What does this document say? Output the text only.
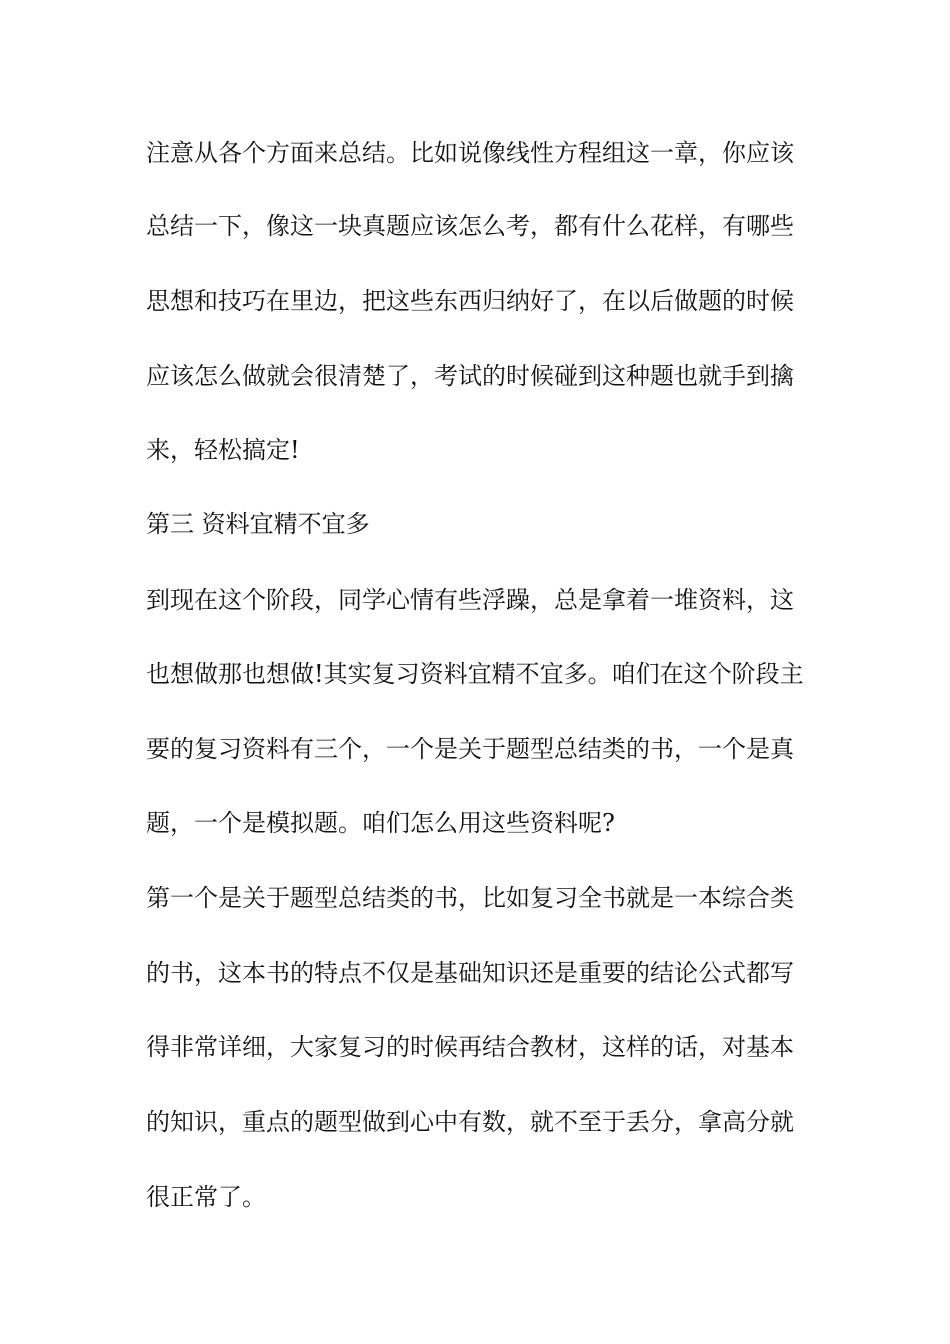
注意从各个方面来总结。比如说像线性方程组这一章，你应该
总结一下，像这一块真题应该怎么考，都有什么花样，有哪些
思想和技巧在里边，把这些东西归纳好了，在以后做题的时候
应该怎么做就会很清楚了，考试的时候碰到这种题也就手到擒
来，轻松搞定!
第三 资料宜精不宜多
到现在这个阶段，同学心情有些浮躁，总是拿着一堆资料，这
也想做那也想做!其实复习资料宜精不宜多。咱们在这个阶段主
要的复习资料有三个，一个是关于题型总结类的书，一个是真
题，一个是模拟题。咱们怎么用这些资料呢?
第一个是关于题型总结类的书，比如复习全书就是一本综合类
的书，这本书的特点不仅是基础知识还是重要的结论公式都写
得非常详细，大家复习的时候再结合教材，这样的话，对基本
的知识，重点的题型做到心中有数，就不至于丢分，拿高分就
很正常了。
